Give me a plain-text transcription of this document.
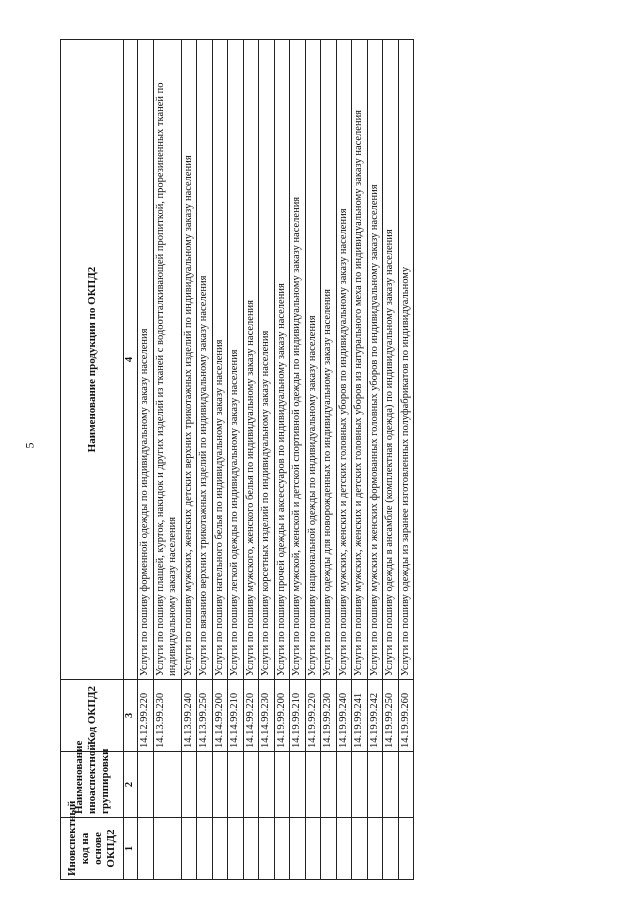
5
Иновспектный код на основе ОКПД2	Наименование иноаспектной группировки	Код ОКПД2	Наименование продукции по ОКПД2
1	2	3	4
		14.12.99.220	Услуги по пошиву форменной одежды по индивидуальному заказу населения
		14.13.99.230	Услуги по пошиву плащей, курток, накидок и других изделий из тканей с водоотталкивающей пропиткой, прорезиненных тканей по индивидуальному заказу населения
		14.13.99.240	Услуги по пошиву мужских, женских детских верхних трикотажных изделий по индивидуальному заказу населения
		14.13.99.250	Услуги по вязанию верхних трикотажных изделий по индивидуальному заказу населения
		14.14.99.200	Услуги по пошиву нательного белья по индивидуальному заказу населения
		14.14.99.210	Услуги по пошиву легкой одежды по индивидуальному заказу населения
		14.14.99.220	Услуги по пошиву мужского, женского белья по индивидуальному заказу населения
		14.14.99.230	Услуги по пошиву корсетных изделий по индивидуальному заказу населения
		14.19.99.200	Услуги по пошиву прочей одежды и аксессуаров по индивидуальному заказу населения
		14.19.99.210	Услуги по пошиву мужской, женской и детской спортивной одежды по индивидуальному заказу населения
		14.19.99.220	Услуги по пошиву национальной одежды по индивидуальному заказу населения
		14.19.99.230	Услуги по пошиву одежды для новорожденных по индивидуальному заказу населения
		14.19.99.240	Услуги по пошиву мужских, женских и детских головных уборов по индивидуальному заказу населения
		14.19.99.241	Услуги по пошиву мужских, женских и детских головных уборов из натурального меха по индивидуальному заказу населения
		14.19.99.242	Услуги по пошиву мужских и женских формованных головных уборов по индивидуальному заказу населения
		14.19.99.250	Услуги по пошиву одежды в ансамбле (комплектная одежда) по индивидуальному заказу населения
		14.19.99.260	Услуги по пошиву одежды из заранее изготовленных полуфабрикатов по индивидуальному
